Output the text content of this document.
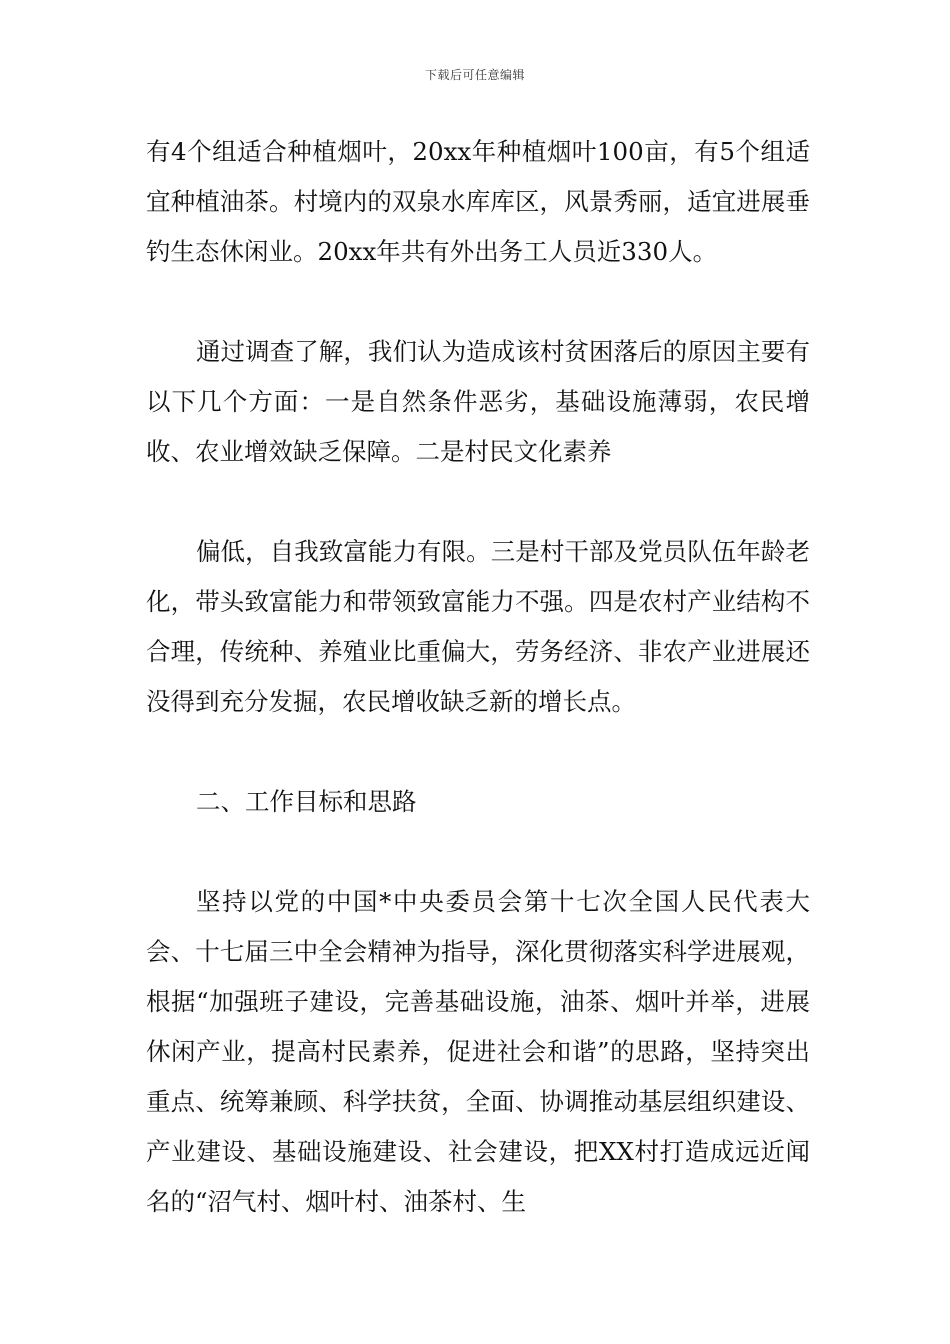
下载后可任意编辑

有4个组适合种植烟叶，20xx年种植烟叶100亩，有5个组适宜种植油茶。村境内的双泉水库库区，风景秀丽，适宜进展垂钓生态休闲业。20xx年共有外出务工人员近330人。

通过调查了解，我们认为造成该村贫困落后的原因主要有以下几个方面：一是自然条件恶劣，基础设施薄弱，农民增收、农业增效缺乏保障。二是村民文化素养

偏低，自我致富能力有限。三是村干部及党员队伍年龄老化，带头致富能力和带领致富能力不强。四是农村产业结构不合理，传统种、养殖业比重偏大，劳务经济、非农产业进展还没得到充分发掘，农民增收缺乏新的增长点。

二、工作目标和思路

坚持以党的中国*中央委员会第十七次全国人民代表大会、十七届三中全会精神为指导，深化贯彻落实科学进展观，根据“加强班子建设，完善基础设施，油茶、烟叶并举，进展休闲产业，提高村民素养，促进社会和谐”的思路，坚持突出重点、统筹兼顾、科学扶贫，全面、协调推动基层组织建设、产业建设、基础设施建设、社会建设，把XX村打造成远近闻名的“沼气村、烟叶村、油茶村、生
